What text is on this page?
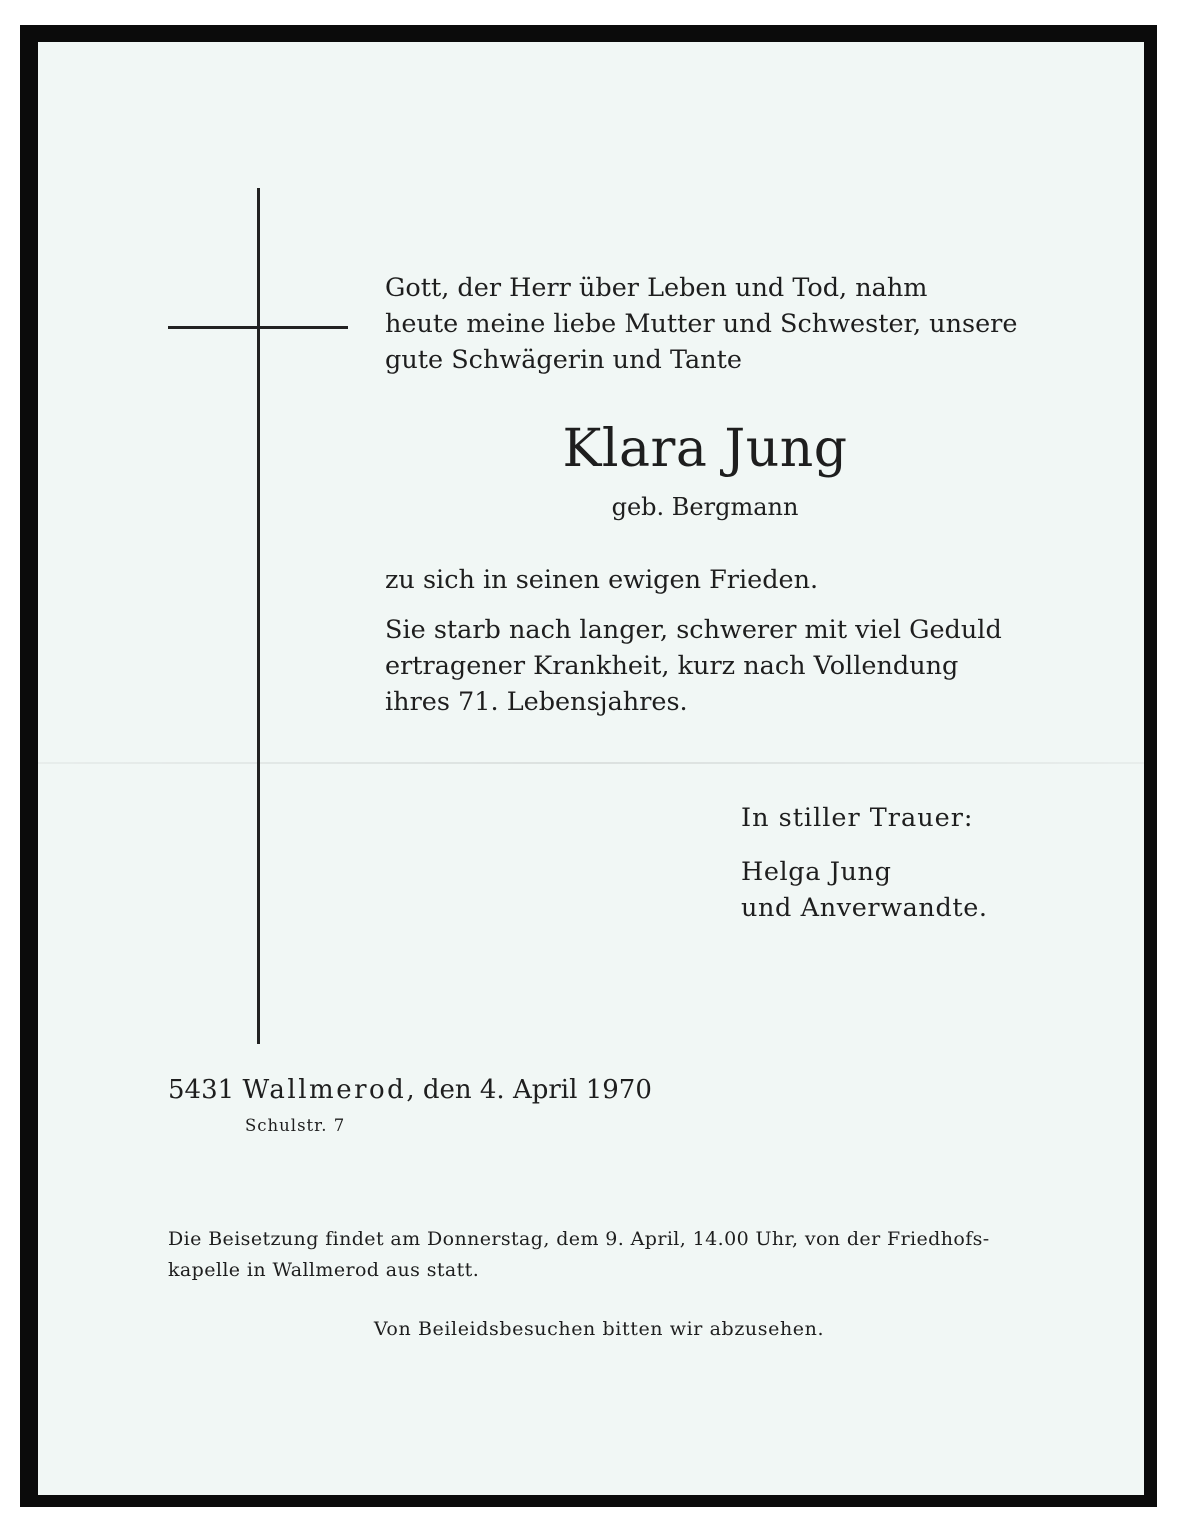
Gott, der Herr über Leben und Tod, nahm
heute meine liebe Mutter und Schwester, unsere
gute Schwägerin und Tante
Klara Jung
geb. Bergmann
zu sich in seinen ewigen Frieden.
Sie starb nach langer, schwerer mit viel Geduld
ertragener Krankheit, kurz nach Vollendung
ihres 71. Lebensjahres.
In stiller Trauer:
Helga Jung
und Anverwandte.
5431 Wallmerod, den 4. April 1970
Schulstr. 7
Die Beisetzung findet am Donnerstag, dem 9. April, 14.00 Uhr, von der Friedhofs-
kapelle in Wallmerod aus statt.
Von Beileidsbesuchen bitten wir abzusehen.
